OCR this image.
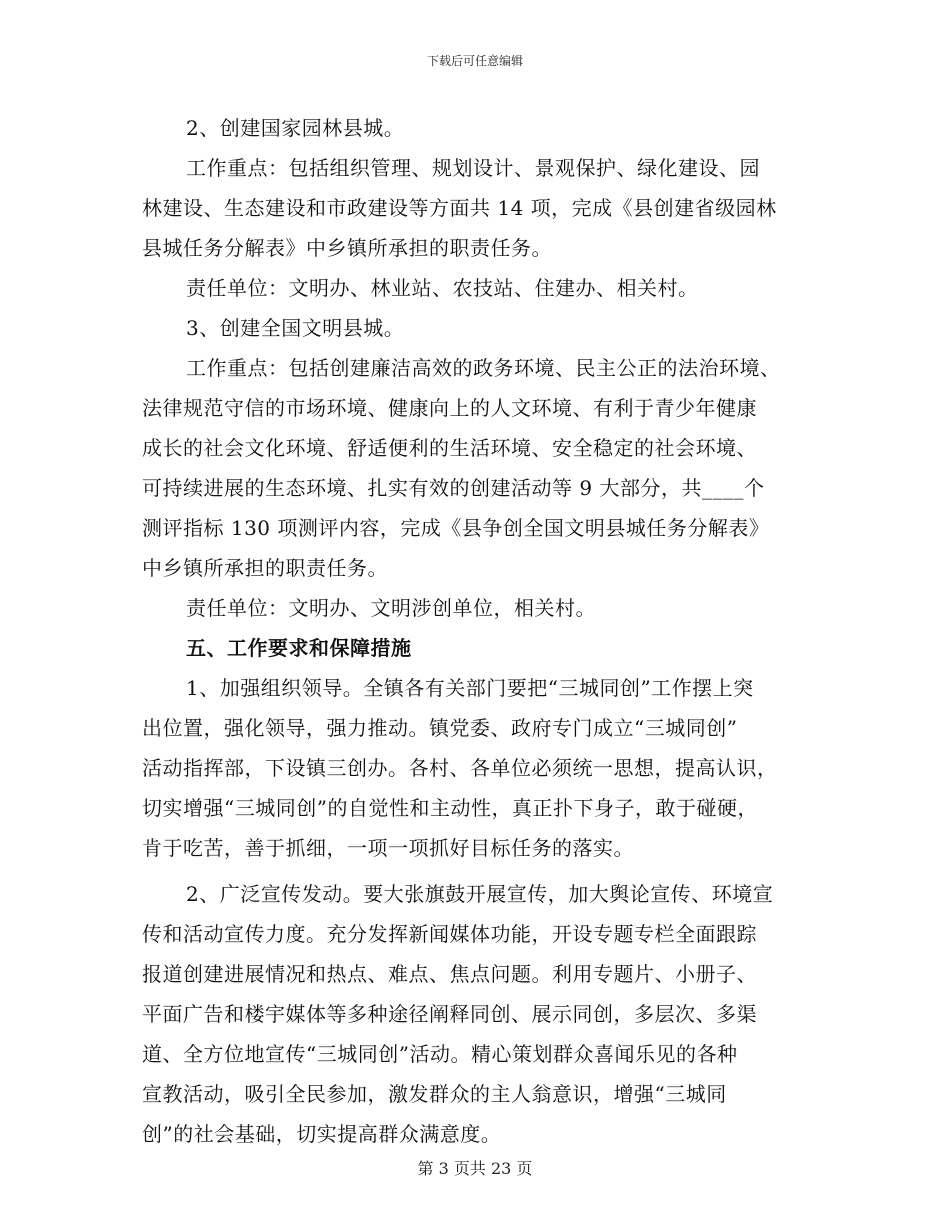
下载后可任意编辑
2、创建国家园林县城。
工作重点：包括组织管理、规划设计、景观保护、绿化建设、园
林建设、生态建设和市政建设等方面共 14 项，完成《县创建省级园林
县城任务分解表》中乡镇所承担的职责任务。
责任单位：文明办、林业站、农技站、住建办、相关村。
3、创建全国文明县城。
工作重点：包括创建廉洁高效的政务环境、民主公正的法治环境、
法律规范守信的市场环境、健康向上的人文环境、有利于青少年健康
成长的社会文化环境、舒适便利的生活环境、安全稳定的社会环境、
可持续进展的生态环境、扎实有效的创建活动等 9 大部分，共____个
测评指标 130 项测评内容，完成《县争创全国文明县城任务分解表》
中乡镇所承担的职责任务。
责任单位：文明办、文明涉创单位，相关村。
五、工作要求和保障措施
1、加强组织领导。全镇各有关部门要把“三城同创”工作摆上突
出位置，强化领导，强力推动。镇党委、政府专门成立“三城同创”
活动指挥部，下设镇三创办。各村、各单位必须统一思想，提高认识，
切实增强“三城同创”的自觉性和主动性，真正扑下身子，敢于碰硬，
肯于吃苦，善于抓细，一项一项抓好目标任务的落实。
2、广泛宣传发动。要大张旗鼓开展宣传，加大舆论宣传、环境宣
传和活动宣传力度。充分发挥新闻媒体功能，开设专题专栏全面跟踪
报道创建进展情况和热点、难点、焦点问题。利用专题片、小册子、
平面广告和楼宇媒体等多种途径阐释同创、展示同创，多层次、多渠
道、全方位地宣传“三城同创”活动。精心策划群众喜闻乐见的各种
宣教活动，吸引全民参加，激发群众的主人翁意识，增强“三城同
创”的社会基础，切实提高群众满意度。
第 3 页共 23 页
